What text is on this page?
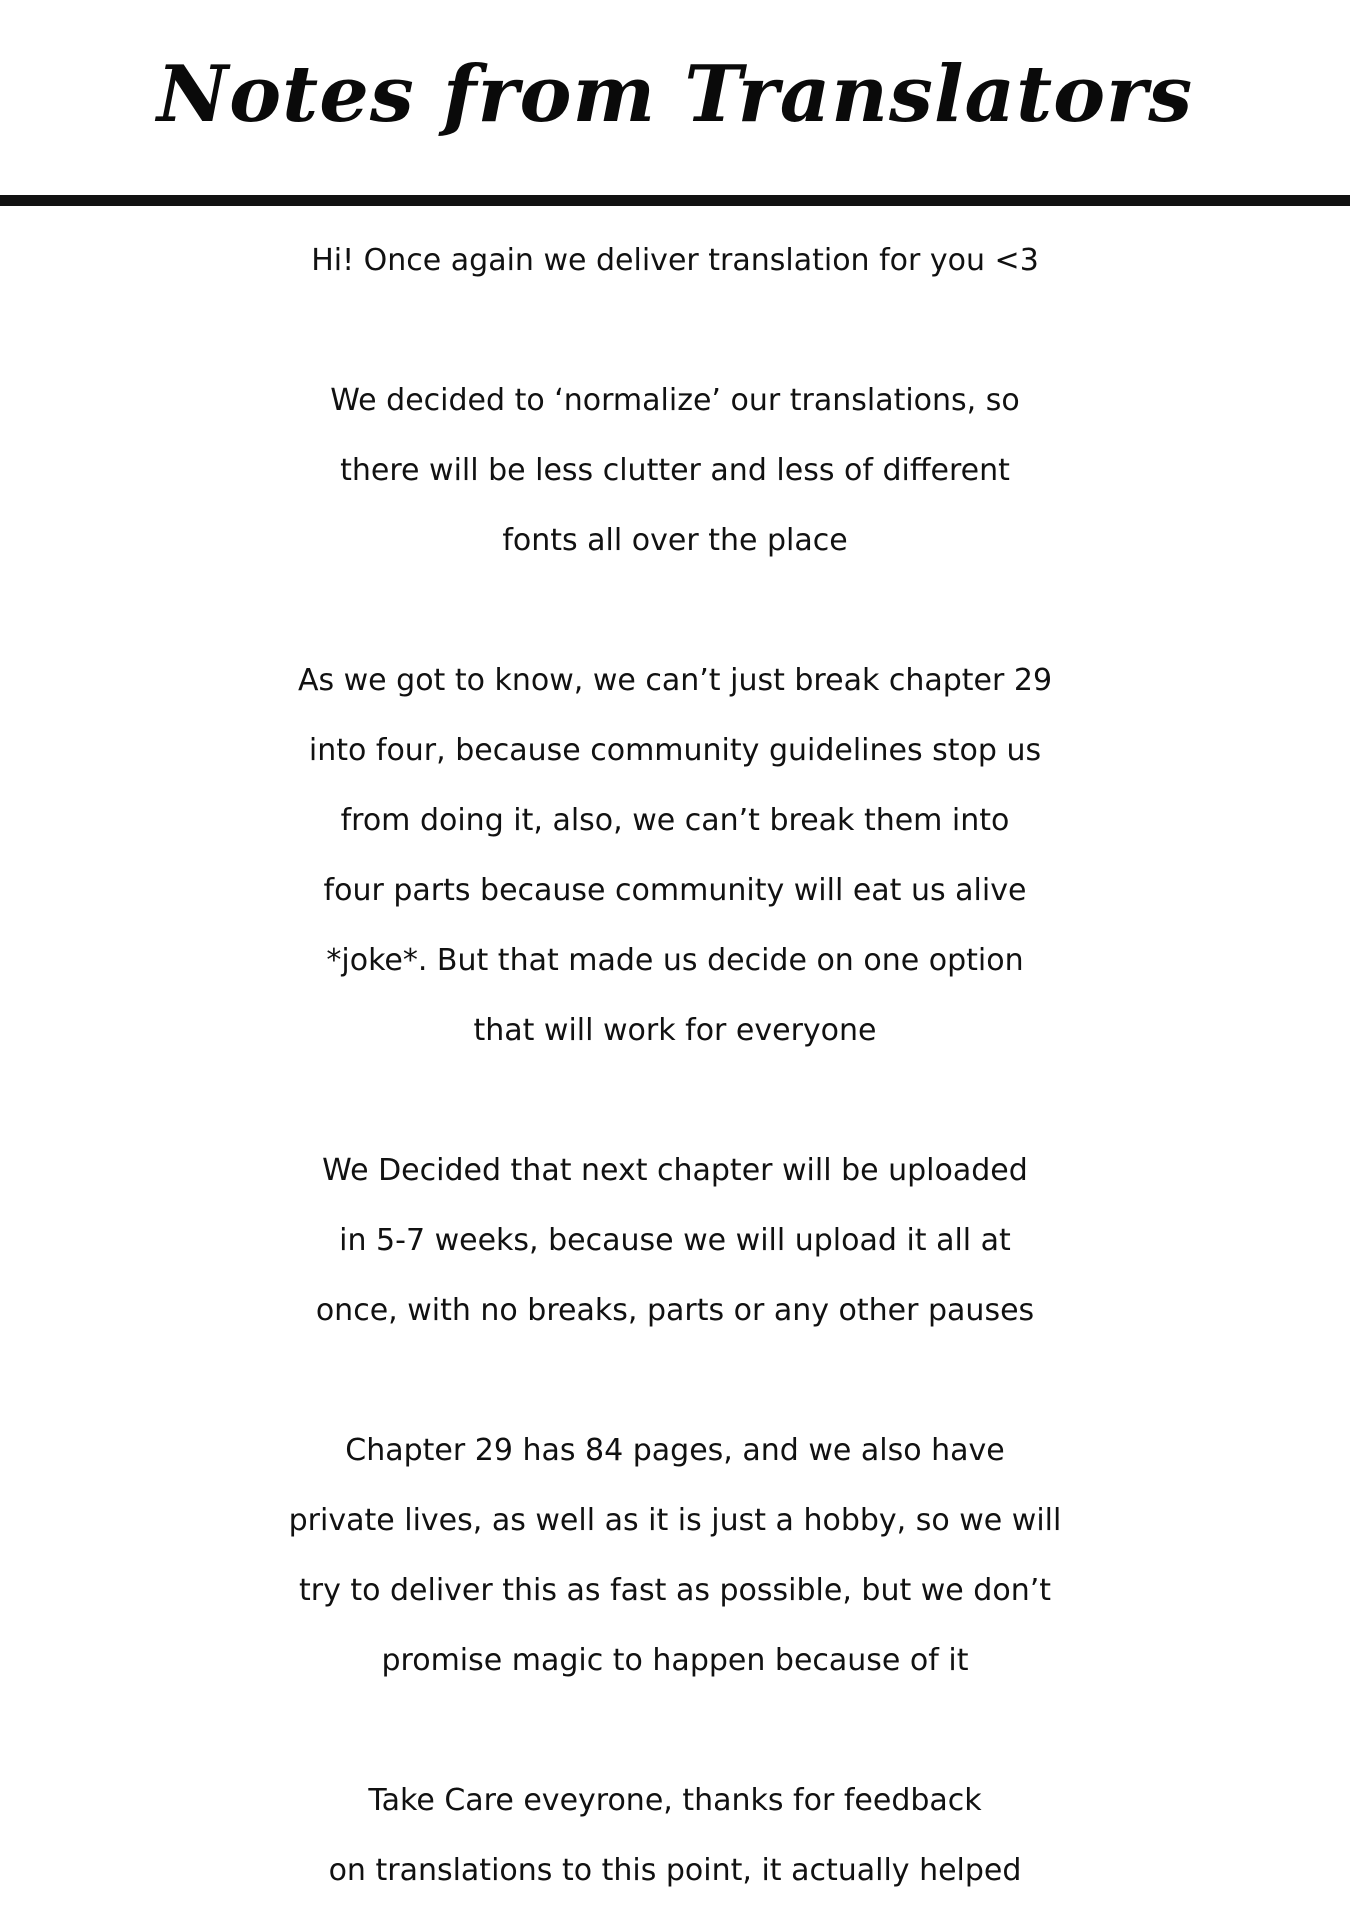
Notes from Translators

Hi! Once again we deliver translation for you <3

We decided to ‘normalize’ our translations, so
there will be less clutter and less of different
fonts all over the place

As we got to know, we can’t just break chapter 29
into four, because community guidelines stop us
from doing it, also, we can’t break them into
four parts because community will eat us alive
*joke*. But that made us decide on one option
that will work for everyone

We Decided that next chapter will be uploaded
in 5-7 weeks, because we will upload it all at
once, with no breaks, parts or any other pauses

Chapter 29 has 84 pages, and we also have
private lives, as well as it is just a hobby, so we will
try to deliver this as fast as possible, but we don’t
promise magic to happen because of it

Take Care eveyrone, thanks for feedback
on translations to this point, it actually helped
